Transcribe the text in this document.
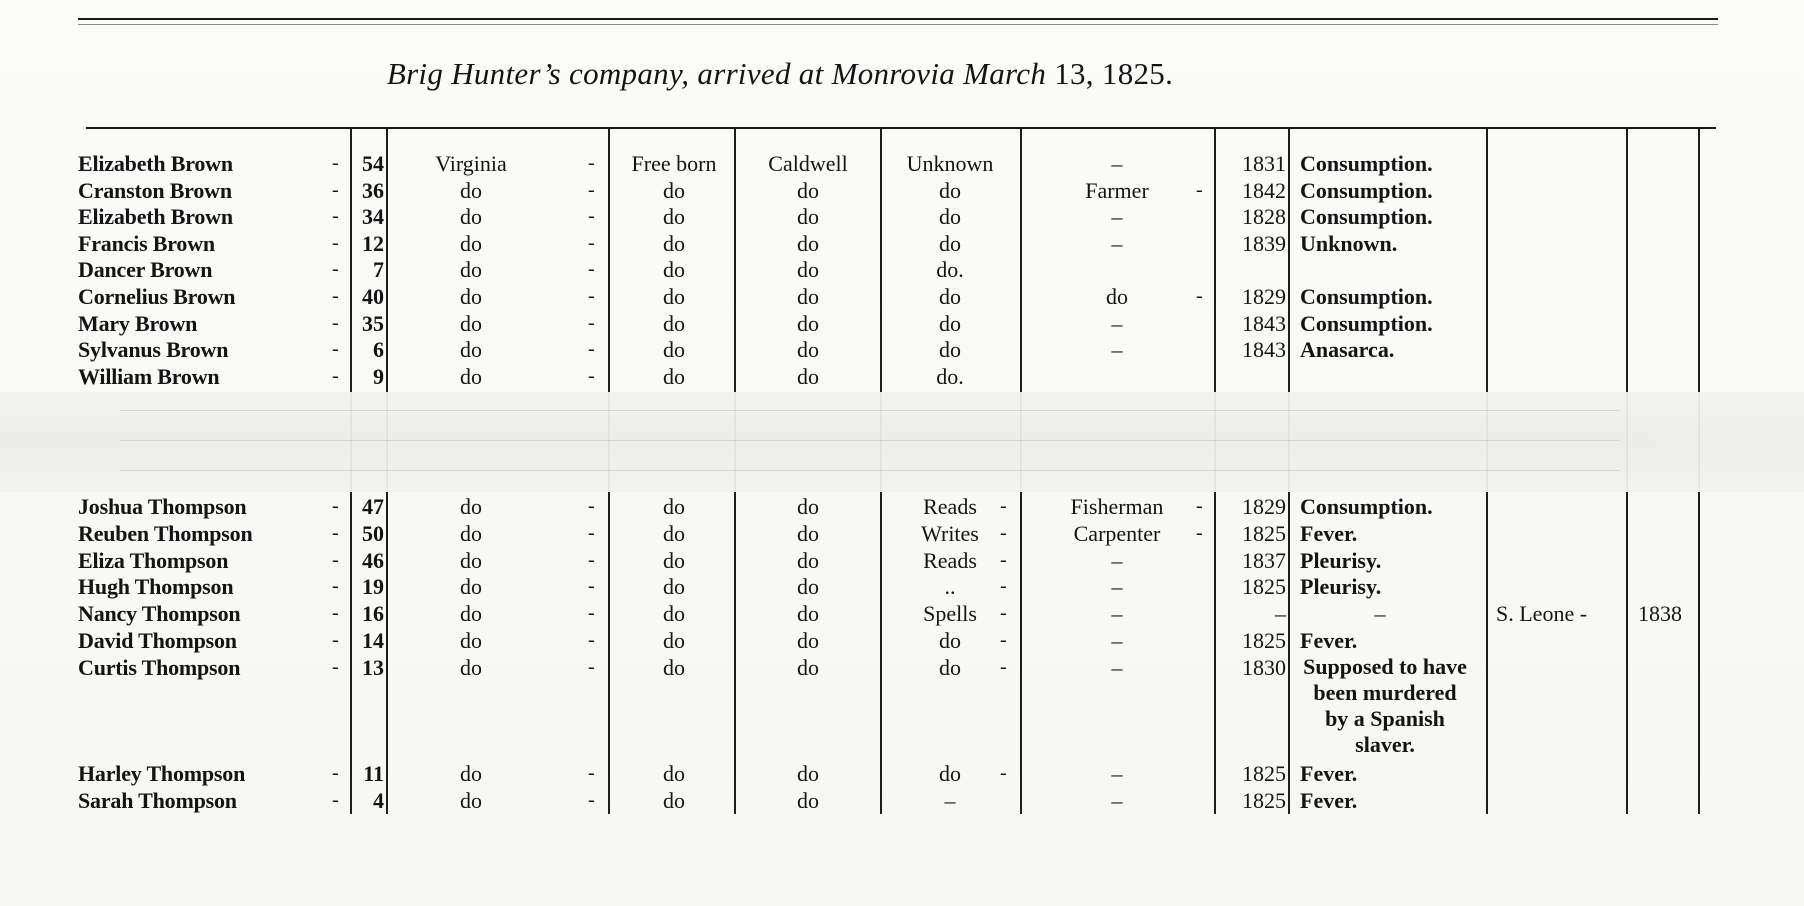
Brig Hunter’s company, arrived at Monrovia March 13, 1825.
Elizabeth Brown	-	54	Virginia	-	Free born	Caldwell	Unknown	–	1831 Consumption.
Cranston Brown	-	36	do	-	do	do	do	Farmer	-	1842 Consumption.
Elizabeth Brown	-	34	do	-	do	do	do	–	1828 Consumption.
Francis Brown	-	12	do	-	do	do	do	–	1839 Unknown.
Dancer Brown	-	7	do	-	do	do	do.
Cornelius Brown	-	40	do	-	do	do	do	do	-	1829 Consumption.
Mary Brown	-	35	do	-	do	do	do	–	1843 Consumption.
Sylvanus Brown	-	6	do	-	do	do	do	–	1843 Anasarca.
William Brown	-	9	do	-	do	do	do.
Joshua Thompson	-	47	do	-	do	do	Reads	-	Fisherman	-	1829 Consumption.
Reuben Thompson	-	50	do	-	do	do	Writes	-	Carpenter	-	1825 Fever.
Eliza Thompson	-	46	do	-	do	do	Reads	-	–	1837 Pleurisy.
Hugh Thompson	-	19	do	-	do	do	..	-	–	1825 Pleurisy.
Nancy Thompson	-	16	do	-	do	do	Spells	-	–	–	–	S. Leone - 1838
David Thompson	-	14	do	-	do	do	do	-	–	1825 Fever.
Curtis Thompson	-	13	do	-	do	do	do	-	–	1830 Supposed to have
been murdered
by a Spanish
slaver.
Harley Thompson	-	11	do	-	do	do	do	-	–	1825 Fever.
Sarah Thompson	-	4	do	-	do	do	–	–	1825 Fever.
